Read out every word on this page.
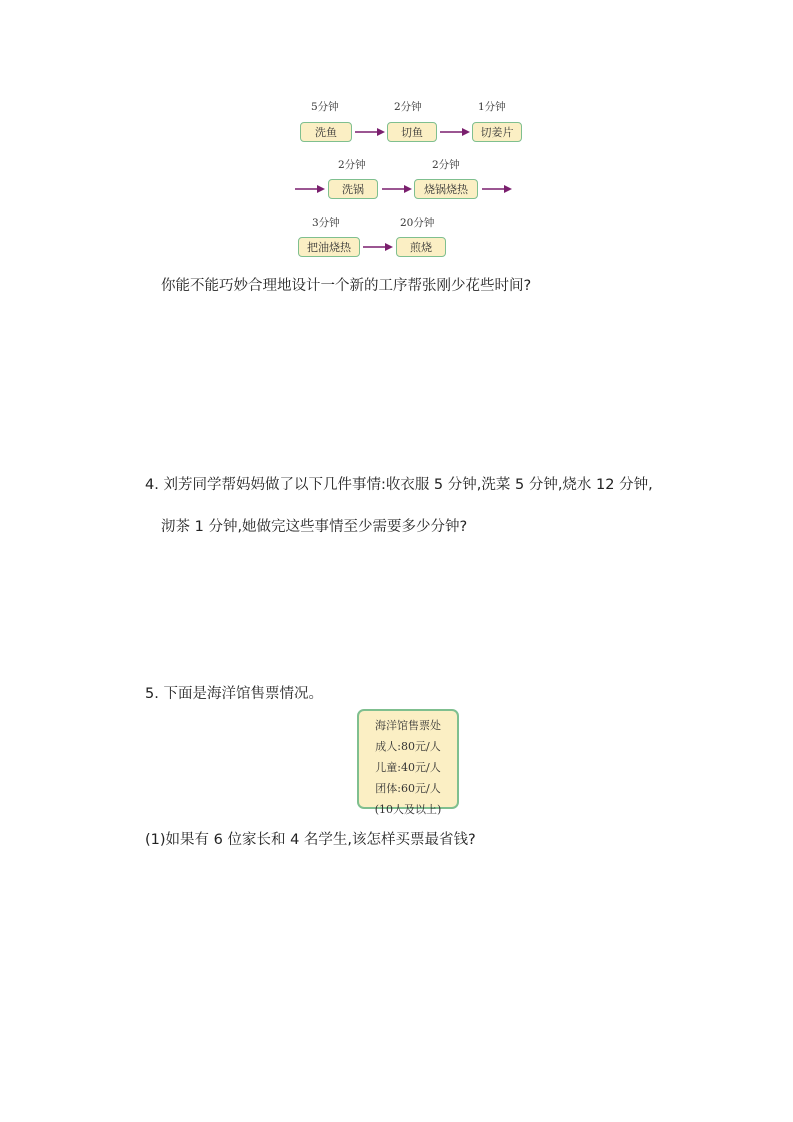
5分钟	2分钟	1分钟
洗鱼	切鱼	切姜片
2分钟	2分钟
洗锅	烧锅烧热
3分钟	20分钟
把油烧热	煎烧
你能不能巧妙合理地设计一个新的工序帮张刚少花些时间?
4. 刘芳同学帮妈妈做了以下几件事情:收衣服 5 分钟,洗菜 5 分钟,烧水 12 分钟,
沏茶 1 分钟,她做完这些事情至少需要多少分钟?
5. 下面是海洋馆售票情况。
海洋馆售票处
成人:80元/人
儿童:40元/人
团体:60元/人
(10人及以上)
(1)如果有 6 位家长和 4 名学生,该怎样买票最省钱?
